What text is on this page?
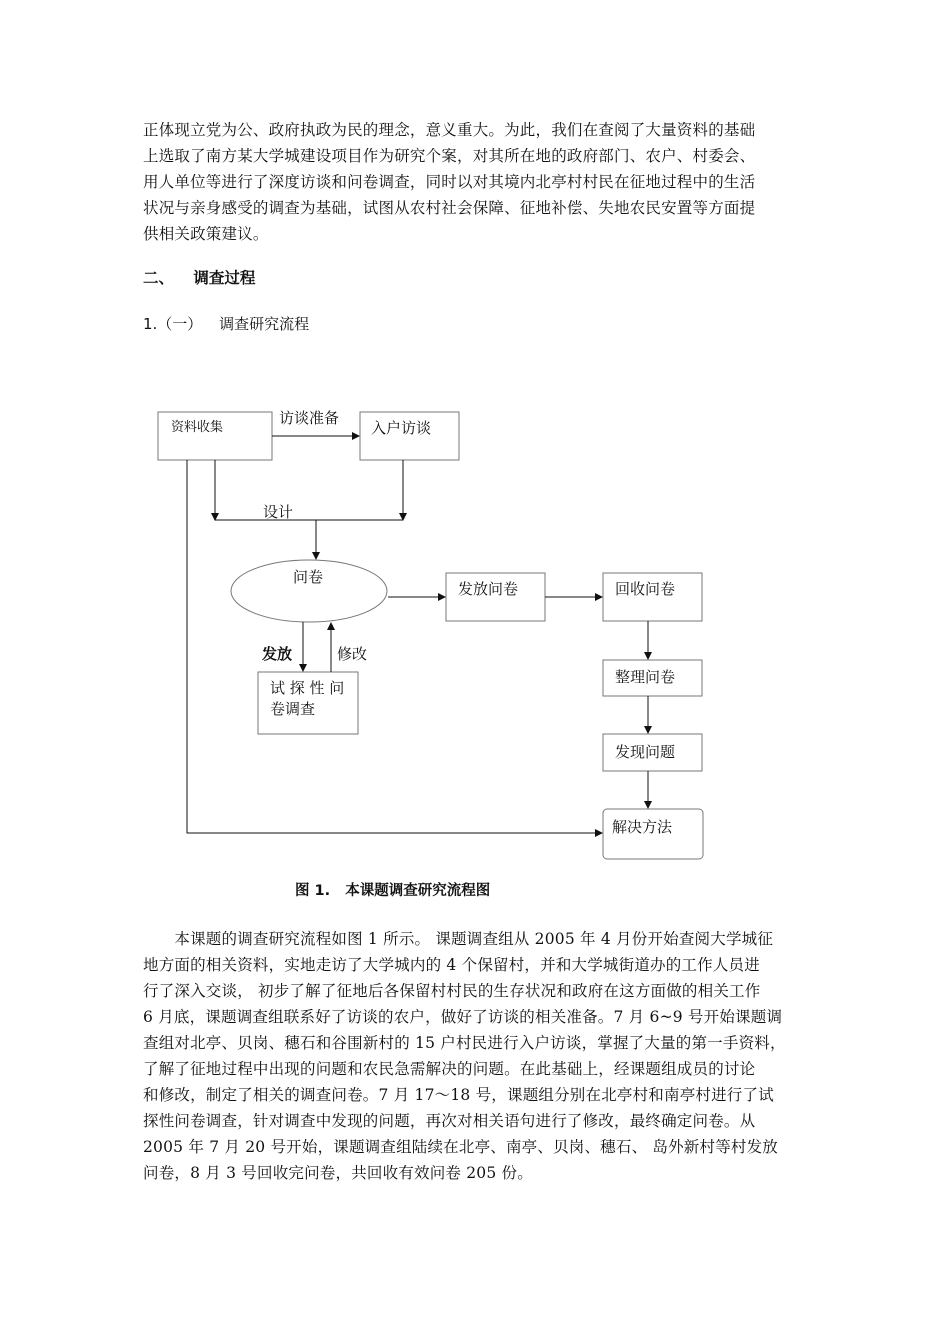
正体现立党为公、政府执政为民的理念，意义重大。为此，我们在查阅了大量资料的基础
上选取了南方某大学城建设项目作为研究个案，对其所在地的政府部门、农户、村委会、
用人单位等进行了深度访谈和问卷调查，同时以对其境内北亭村村民在征地过程中的生活
状况与亲身感受的调查为基础，试图从农村社会保障、征地补偿、失地农民安置等方面提
供相关政策建议。
二、 调查过程
1.（一） 调查研究流程
资料收集	入户访谈
问卷
发放问卷	回收问卷
试 探 性 问
卷调查
整理问卷
发现问题
解决方法
访谈准备
设计
发放	修改
图 1. 本课题调查研究流程图
　　本课题的调查研究流程如图 1 所示。 课题调查组从 2005 年 4 月份开始查阅大学城征
地方面的相关资料，实地走访了大学城内的 4 个保留村，并和大学城街道办的工作人员进
行了深入交谈， 初步了解了征地后各保留村村民的生存状况和政府在这方面做的相关工作
6 月底，课题调查组联系好了访谈的农户，做好了访谈的相关准备。7 月 6~9 号开始课题调
查组对北亭、贝岗、穗石和谷围新村的 15 户村民进行入户访谈，掌握了大量的第一手资料，
了解了征地过程中出现的问题和农民急需解决的问题。在此基础上，经课题组成员的讨论
和修改，制定了相关的调查问卷。7 月 17～18 号，课题组分别在北亭村和南亭村进行了试
探性问卷调查，针对调查中发现的问题，再次对相关语句进行了修改，最终确定问卷。从
2005 年 7 月 20 号开始，课题调查组陆续在北亭、南亭、贝岗、穗石、 岛外新村等村发放
问卷，8 月 3 号回收完问卷，共回收有效问卷 205 份。
